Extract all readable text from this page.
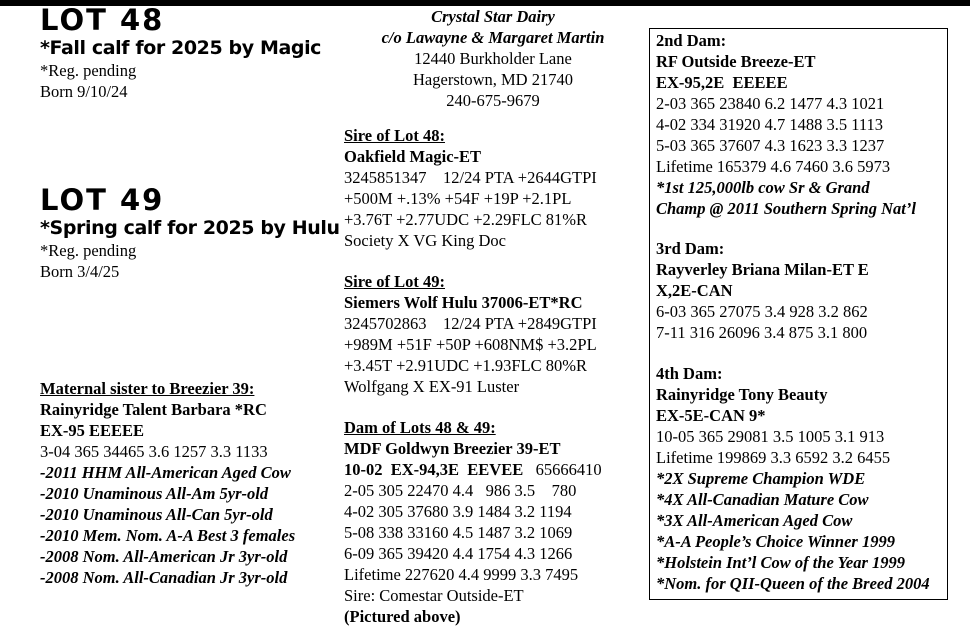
LOT 48
*Fall calf for 2025 by Magic
*Reg. pending
Born 9/10/24
LOT 49
*Spring calf for 2025 by Hulu
*Reg. pending
Born 3/4/25
Maternal sister to Breezier 39:
Rainyridge Talent Barbara *RC
EX-95 EEEEE
3-04 365 34465 3.6 1257 3.3 1133
-2011 HHM All-American Aged Cow
-2010 Unaminous All-Am 5yr-old
-2010 Unaminous All-Can 5yr-old
-2010 Mem. Nom. A-A Best 3 females
-2008 Nom. All-American Jr 3yr-old
-2008 Nom. All-Canadian Jr 3yr-old
Crystal Star Dairy
c/o Lawayne & Margaret Martin
12440 Burkholder Lane
Hagerstown, MD 21740
240-675-9679
Sire of Lot 48:
Oakfield Magic-ET
3245851347    12/24 PTA +2644GTPI
+500M +.13% +54F +19P +2.1PL
+3.76T +2.77UDC +2.29FLC 81%R
Society X VG King Doc
Sire of Lot 49:
Siemers Wolf Hulu 37006-ET*RC
3245702863    12/24 PTA +2849GTPI
+989M +51F +50P +608NM$ +3.2PL
+3.45T +2.91UDC +1.93FLC 80%R
Wolfgang X EX-91 Luster
Dam of Lots 48 & 49:
MDF Goldwyn Breezier 39-ET
10-02  EX-94,3E  EEVEE 65666410
2-05 305 22470 4.4   986 3.5    780
4-02 305 37680 3.9 1484 3.2 1194
5-08 338 33160 4.5 1487 3.2 1069
6-09 365 39420 4.4 1754 4.3 1266
Lifetime 227620 4.4 9999 3.3 7495
Sire: Comestar Outside-ET
(Pictured above)
2nd Dam:
RF Outside Breeze-ET
EX-95,2E  EEEEE
2-03 365 23840 6.2 1477 4.3 1021
4-02 334 31920 4.7 1488 3.5 1113
5-03 365 37607 4.3 1623 3.3 1237
Lifetime 165379 4.6 7460 3.6 5973
*1st 125,000lb cow Sr & Grand
Champ @ 2011 Southern Spring Nat’l
3rd Dam:
Rayverley Briana Milan-ET E
X,2E-CAN
6-03 365 27075 3.4 928 3.2 862
7-11 316 26096 3.4 875 3.1 800
4th Dam:
Rainyridge Tony Beauty
EX-5E-CAN 9*
10-05 365 29081 3.5 1005 3.1 913
Lifetime 199869 3.3 6592 3.2 6455
*2X Supreme Champion WDE
*4X All-Canadian Mature Cow
*3X All-American Aged Cow
*A-A People’s Choice Winner 1999
*Holstein Int’l Cow of the Year 1999
*Nom. for QII-Queen of the Breed 2004
